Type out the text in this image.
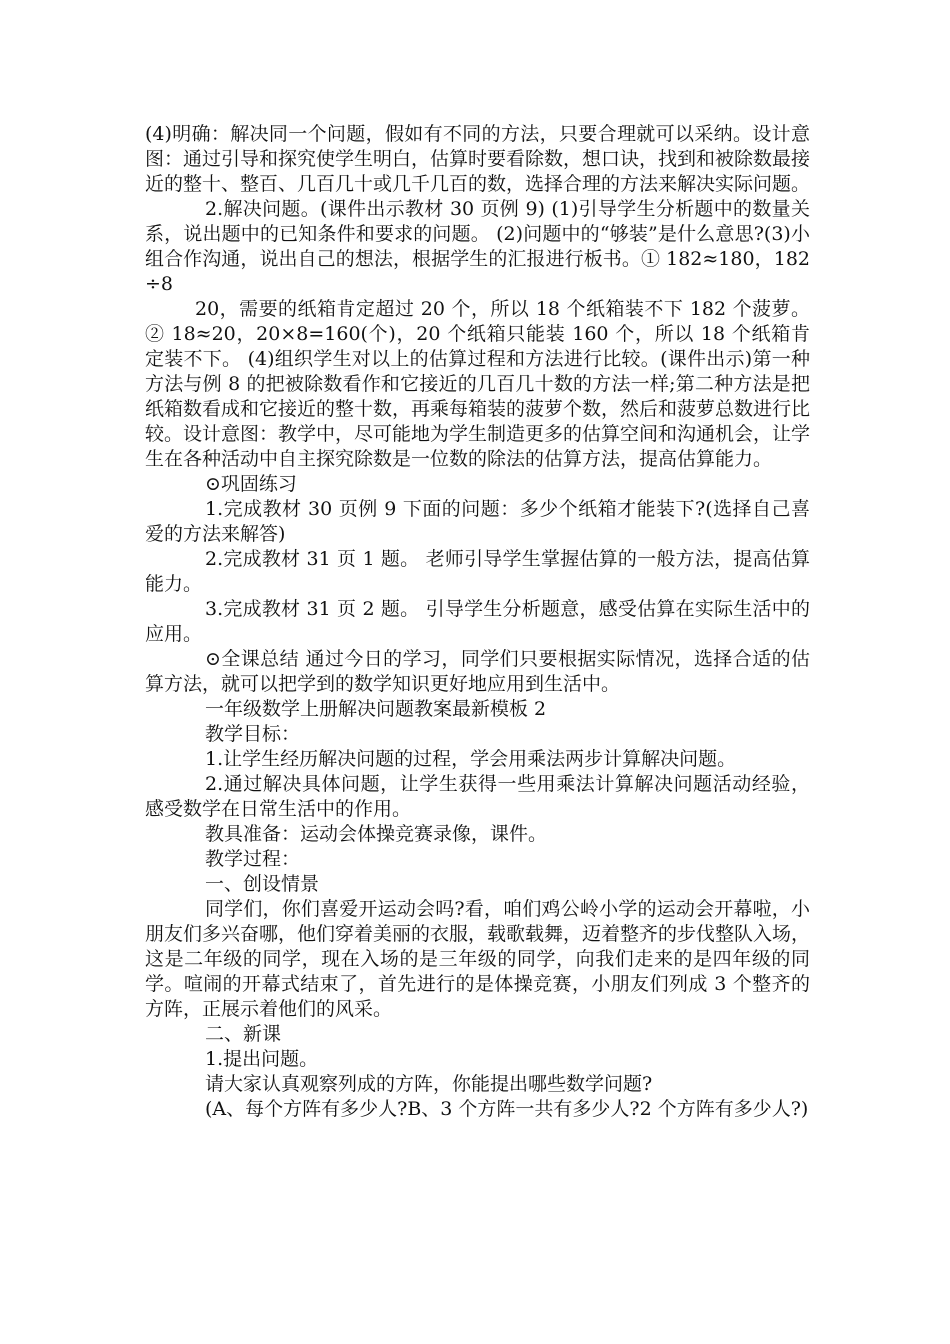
(4)明确：解决同一个问题，假如有不同的方法，只要合理就可以采纳。设计意图：通过引导和探究使学生明白，估算时要看除数，想口诀，找到和被除数最接近的整十、整百、几百几十或几千几百的数，选择合理的方法来解决实际问题。

2.解决问题。(课件出示教材 30 页例 9) (1)引导学生分析题中的数量关系，说出题中的已知条件和要求的问题。 (2)问题中的“够装”是什么意思?(3)小组合作沟通，说出自己的想法，根据学生的汇报进行板书。① 182≈180，182÷8

20，需要的纸箱肯定超过 20 个，所以 18 个纸箱装不下 182 个菠萝。② 18≈20，20×8=160(个)，20 个纸箱只能装 160 个，所以 18 个纸箱肯定装不下。 (4)组织学生对以上的估算过程和方法进行比较。(课件出示)第一种方法与例 8 的把被除数看作和它接近的几百几十数的方法一样;第二种方法是把纸箱数看成和它接近的整十数，再乘每箱装的菠萝个数，然后和菠萝总数进行比较。设计意图：教学中，尽可能地为学生制造更多的估算空间和沟通机会，让学生在各种活动中自主探究除数是一位数的除法的估算方法，提高估算能力。

⊙巩固练习

1.完成教材 30 页例 9 下面的问题：多少个纸箱才能装下?(选择自己喜爱的方法来解答)

2.完成教材 31 页 1 题。 老师引导学生掌握估算的一般方法，提高估算能力。

3.完成教材 31 页 2 题。 引导学生分析题意，感受估算在实际生活中的应用。

⊙全课总结 通过今日的学习，同学们只要根据实际情况，选择合适的估算方法，就可以把学到的数学知识更好地应用到生活中。

一年级数学上册解决问题教案最新模板 2

教学目标：

1.让学生经历解决问题的过程，学会用乘法两步计算解决问题。

2.通过解决具体问题，让学生获得一些用乘法计算解决问题活动经验，感受数学在日常生活中的作用。

教具准备：运动会体操竞赛录像，课件。

教学过程：

一、创设情景

同学们，你们喜爱开运动会吗?看，咱们鸡公岭小学的运动会开幕啦，小朋友们多兴奋哪，他们穿着美丽的衣服，载歌载舞，迈着整齐的步伐整队入场，这是二年级的同学，现在入场的是三年级的同学，向我们走来的是四年级的同学。喧闹的开幕式结束了，首先进行的是体操竞赛，小朋友们列成 3 个整齐的方阵，正展示着他们的风采。

二、新课

1.提出问题。

请大家认真观察列成的方阵，你能提出哪些数学问题?

(A、每个方阵有多少人?B、3 个方阵一共有多少人?2 个方阵有多少人?)
